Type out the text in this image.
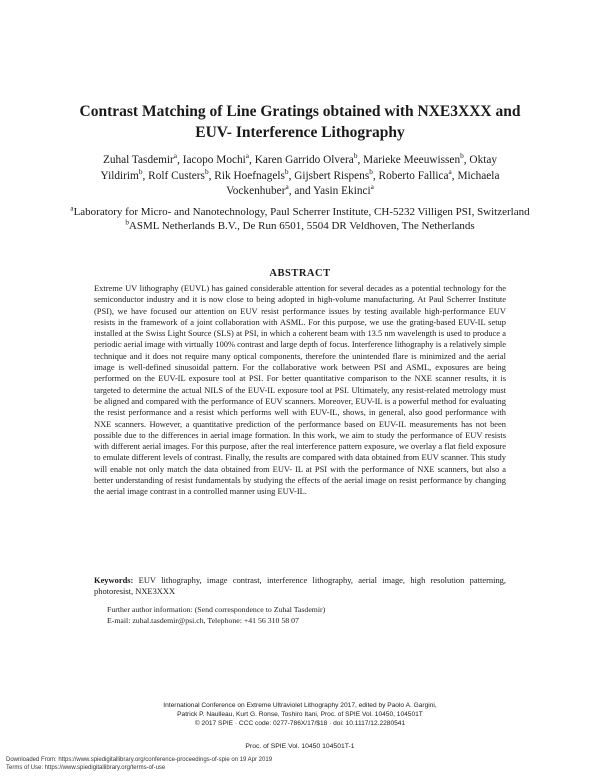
Contrast Matching of Line Gratings obtained with NXE3XXX and EUV- Interference Lithography
Zuhal Tasdemir$^a$, Iacopo Mochi$^a$, Karen Garrido Olvera$^b$, Marieke Meeuwissen$^b$, Oktay Yildirim$^b$, Rolf Custers$^b$, Rik Hoefnagels$^b$, Gijsbert Rispens$^b$, Roberto Fallica$^a$, Michaela Vockenhuber$^a$, and Yasin Ekinci$^a$
$^a$Laboratory for Micro- and Nanotechnology, Paul Scherrer Institute, CH-5232 Villigen PSI, Switzerland
$^b$ASML Netherlands B.V., De Run 6501, 5504 DR Veldhoven, The Netherlands
ABSTRACT
Extreme UV lithography (EUVL) has gained considerable attention for several decades as a potential technology for the semiconductor industry and it is now close to being adopted in high-volume manufacturing. At Paul Scherrer Institute (PSI), we have focused our attention on EUV resist performance issues by testing available high-performance EUV resists in the framework of a joint collaboration with ASML. For this purpose, we use the grating-based EUV-IL setup installed at the Swiss Light Source (SLS) at PSI, in which a coherent beam with 13.5 nm wavelength is used to produce a periodic aerial image with virtually 100% contrast and large depth of focus. Interference lithography is a relatively simple technique and it does not require many optical components, therefore the unintended flare is minimized and the aerial image is well-defined sinusoidal pattern. For the collaborative work between PSI and ASML, exposures are being performed on the EUV-IL exposure tool at PSI. For better quantitative comparison to the NXE scanner results, it is targeted to determine the actual NILS of the EUV-IL exposure tool at PSI. Ultimately, any resist-related metrology must be aligned and compared with the performance of EUV scanners. Moreover, EUV-IL is a powerful method for evaluating the resist performance and a resist which performs well with EUV-IL, shows, in general, also good performance with NXE scanners. However, a quantitative prediction of the performance based on EUV-IL measurements has not been possible due to the differences in aerial image formation. In this work, we aim to study the performance of EUV resists with different aerial images. For this purpose, after the real interference pattern exposure, we overlay a flat field exposure to emulate different levels of contrast. Finally, the results are compared with data obtained from EUV scanner. This study will enable not only match the data obtained from EUV- IL at PSI with the performance of NXE scanners, but also a better understanding of resist fundamentals by studying the effects of the aerial image on resist performance by changing the aerial image contrast in a controlled manner using EUV-IL.
Keywords: EUV lithography, image contrast, interference lithography, aerial image, high resolution patterning, photoresist, NXE3XXX
Further author information: (Send correspondence to Zuhal Tasdemir)
E-mail: zuhal.tasdemir@psi.ch, Telephone: +41 56 310 58 07
International Conference on Extreme Ultraviolet Lithography 2017, edited by Paolo A. Gargini,
Patrick P. Naulleau, Kurt G. Ronse, Toshiro Itani, Proc. of SPIE Vol. 10450, 104501T
© 2017 SPIE · CCC code: 0277-786X/17/$18 · doi: 10.1117/12.2280541
Proc. of SPIE Vol. 10450 104501T-1
Downloaded From: https://www.spiedigitallibrary.org/conference-proceedings-of-spie on 19 Apr 2019
Terms of Use: https://www.spiedigitallibrary.org/terms-of-use
